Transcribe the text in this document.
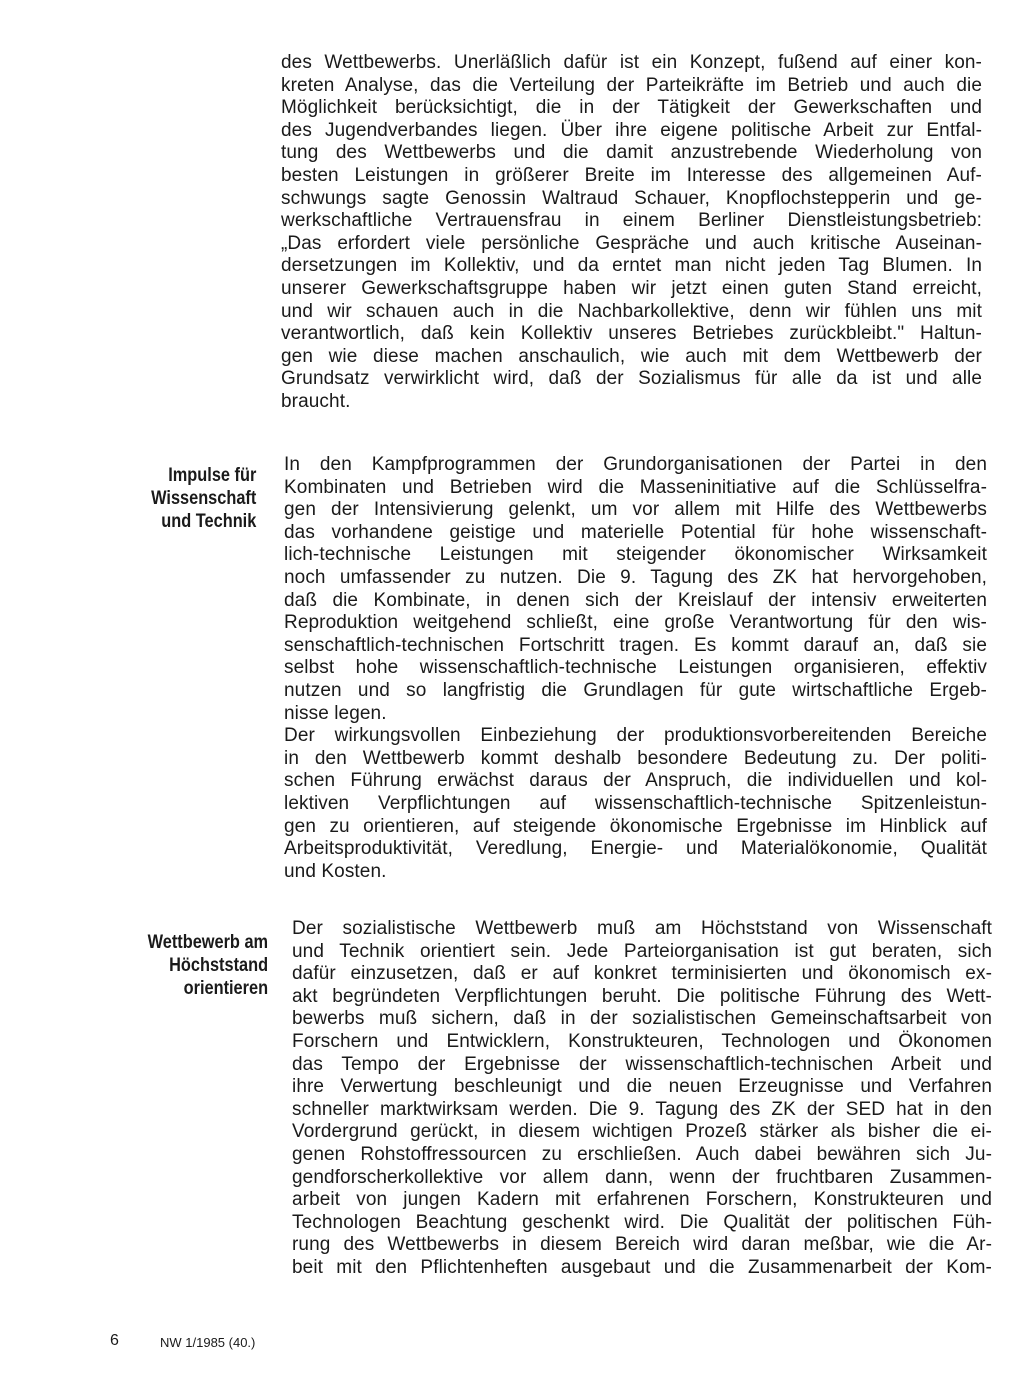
des Wettbewerbs. Unerläßlich dafür ist ein Konzept, fußend auf einer kon-
kreten Analyse, das die Verteilung der Parteikräfte im Betrieb und auch die
Möglichkeit berücksichtigt, die in der Tätigkeit der Gewerkschaften und
des Jugendverbandes liegen. Über ihre eigene politische Arbeit zur Entfal-
tung des Wettbewerbs und die damit anzustrebende Wiederholung von
besten Leistungen in größerer Breite im Interesse des allgemeinen Auf-
schwungs sagte Genossin Waltraud Schauer, Knopflochstepperin und ge-
werkschaftliche Vertrauensfrau in einem Berliner Dienstleistungsbetrieb:
„Das erfordert viele persönliche Gespräche und auch kritische Auseinan-
dersetzungen im Kollektiv, und da erntet man nicht jeden Tag Blumen. In
unserer Gewerkschaftsgruppe haben wir jetzt einen guten Stand erreicht,
und wir schauen auch in die Nachbarkollektive, denn wir fühlen uns mit
verantwortlich, daß kein Kollektiv unseres Betriebes zurückbleibt." Haltun-
gen wie diese machen anschaulich, wie auch mit dem Wettbewerb der
Grundsatz verwirklicht wird, daß der Sozialismus für alle da ist und alle
braucht.
Impulse für
Wissenschaft
und Technik
In den Kampfprogrammen der Grundorganisationen der Partei in den
Kombinaten und Betrieben wird die Masseninitiative auf die Schlüsselfra-
gen der Intensivierung gelenkt, um vor allem mit Hilfe des Wettbewerbs
das vorhandene geistige und materielle Potential für hohe wissenschaft-
lich-technische Leistungen mit steigender ökonomischer Wirksamkeit
noch umfassender zu nutzen. Die 9. Tagung des ZK hat hervorgehoben,
daß die Kombinate, in denen sich der Kreislauf der intensiv erweiterten
Reproduktion weitgehend schließt, eine große Verantwortung für den wis-
senschaftlich-technischen Fortschritt tragen. Es kommt darauf an, daß sie
selbst hohe wissenschaftlich-technische Leistungen organisieren, effektiv
nutzen und so langfristig die Grundlagen für gute wirtschaftliche Ergeb-
nisse legen.
Der wirkungsvollen Einbeziehung der produktionsvorbereitenden Bereiche
in den Wettbewerb kommt deshalb besondere Bedeutung zu. Der politi-
schen Führung erwächst daraus der Anspruch, die individuellen und kol-
lektiven Verpflichtungen auf wissenschaftlich-technische Spitzenleistun-
gen zu orientieren, auf steigende ökonomische Ergebnisse im Hinblick auf
Arbeitsproduktivität, Veredlung, Energie- und Materialökonomie, Qualität
und Kosten.
Wettbewerb am
Höchststand
orientieren
Der sozialistische Wettbewerb muß am Höchststand von Wissenschaft
und Technik orientiert sein. Jede Parteiorganisation ist gut beraten, sich
dafür einzusetzen, daß er auf konkret terminisierten und ökonomisch ex-
akt begründeten Verpflichtungen beruht. Die politische Führung des Wett-
bewerbs muß sichern, daß in der sozialistischen Gemeinschaftsarbeit von
Forschern und Entwicklern, Konstrukteuren, Technologen und Ökonomen
das Tempo der Ergebnisse der wissenschaftlich-technischen Arbeit und
ihre Verwertung beschleunigt und die neuen Erzeugnisse und Verfahren
schneller marktwirksam werden. Die 9. Tagung des ZK der SED hat in den
Vordergrund gerückt, in diesem wichtigen Prozeß stärker als bisher die ei-
genen Rohstoffressourcen zu erschließen. Auch dabei bewähren sich Ju-
gendforscherkollektive vor allem dann, wenn der fruchtbaren Zusammen-
arbeit von jungen Kadern mit erfahrenen Forschern, Konstrukteuren und
Technologen Beachtung geschenkt wird. Die Qualität der politischen Füh-
rung des Wettbewerbs in diesem Bereich wird daran meßbar, wie die Ar-
beit mit den Pflichtenheften ausgebaut und die Zusammenarbeit der Kom-
6	NW 1/1985 (40.)
